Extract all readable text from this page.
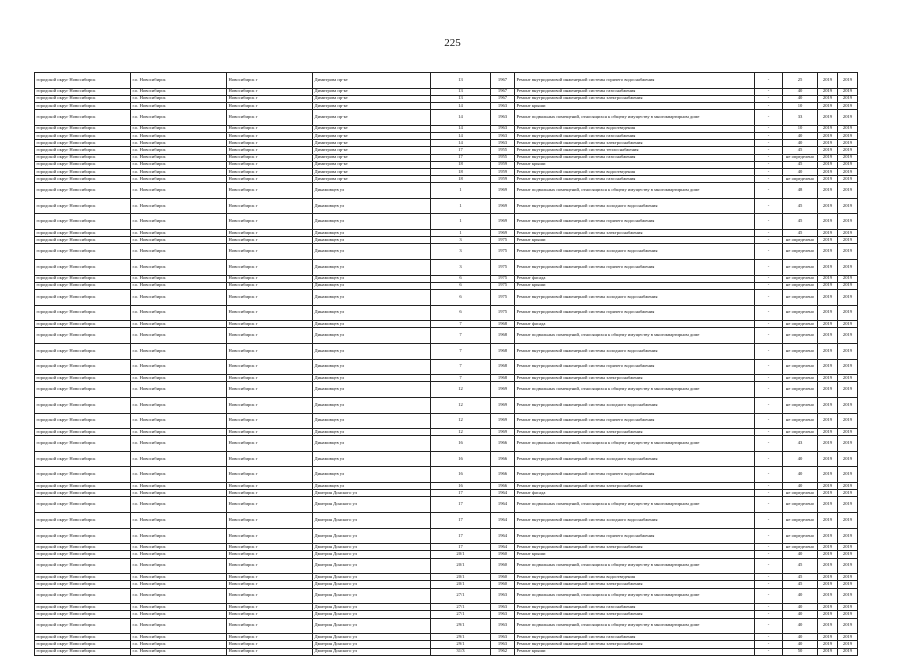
225
городской округ Новосибирск	г.о. Новосибирск	Новосибирск г	Димитрова пр-кт	13	1967	Ремонт внутридомовой инженерной системы горячего водоснабжения	-	25	2019	2019
городской округ Новосибирск	г.о. Новосибирск	Новосибирск г	Димитрова пр-кт	13	1967	Ремонт внутридомовой инженерной системы газоснабжения	-	40	2019	2019
городской округ Новосибирск	г.о. Новосибирск	Новосибирск г	Димитрова пр-кт	13	1967	Ремонт внутридомовой инженерной системы электроснабжения	-	40	2019	2019
городской округ Новосибирск	г.о. Новосибирск	Новосибирск г	Димитрова пр-кт	14	1963	Ремонт крыши	-	10	2019	2019
городской округ Новосибирск	г.о. Новосибирск	Новосибирск г	Димитрова пр-кт	14	1963	Ремонт подвальных помещений, относящихся к общему имуществу в многоквартирном доме	-	33	2019	2019
городской округ Новосибирск	г.о. Новосибирск	Новосибирск г	Димитрова пр-кт	14	1963	Ремонт внутридомовой инженерной системы водоотведения	-	10	2019	2019
городской округ Новосибирск	г.о. Новосибирск	Новосибирск г	Димитрова пр-кт	14	1963	Ремонт внутридомовой инженерной системы газоснабжения	-	40	2019	2019
городской округ Новосибирск	г.о. Новосибирск	Новосибирск г	Димитрова пр-кт	14	1963	Ремонт внутридомовой инженерной системы электроснабжения	-	40	2019	2019
городской округ Новосибирск	г.о. Новосибирск	Новосибирск г	Димитрова пр-кт	17	1955	Ремонт внутридомовой инженерной системы теплоснабжения	-	45	2019	2019
городской округ Новосибирск	г.о. Новосибирск	Новосибирск г	Димитрова пр-кт	17	1955	Ремонт внутридомовой инженерной системы газоснабжения	-	не определено	2019	2019
городской округ Новосибирск	г.о. Новосибирск	Новосибирск г	Димитрова пр-кт	18	1959	Ремонт крыши	-	45	2019	2019
городской округ Новосибирск	г.о. Новосибирск	Новосибирск г	Димитрова пр-кт	18	1959	Ремонт внутридомовой инженерной системы водоотведения	-	40	2019	2019
городской округ Новосибирск	г.о. Новосибирск	Новосибирск г	Димитрова пр-кт	18	1959	Ремонт внутридомовой инженерной системы газоснабжения	-	не определено	2019	2019
городской округ Новосибирск	г.о. Новосибирск	Новосибирск г	Динамовцев ул	1	1969	Ремонт подвальных помещений, относящихся к общему имуществу в многоквартирном доме	-	48	2019	2019
городской округ Новосибирск	г.о. Новосибирск	Новосибирск г	Динамовцев ул	1	1969	Ремонт внутридомовой инженерной системы холодного водоснабжения	-	45	2019	2019
городской округ Новосибирск	г.о. Новосибирск	Новосибирск г	Динамовцев ул	1	1969	Ремонт внутридомовой инженерной системы горячего водоснабжения	-	45	2019	2019
городской округ Новосибирск	г.о. Новосибирск	Новосибирск г	Динамовцев ул	1	1969	Ремонт внутридомовой инженерной системы электроснабжения	-	45	2019	2019
городской округ Новосибирск	г.о. Новосибирск	Новосибирск г	Динамовцев ул	3	1975	Ремонт крыши	-	не определено	2019	2019
городской округ Новосибирск	г.о. Новосибирск	Новосибирск г	Динамовцев ул	3	1975	Ремонт внутридомовой инженерной системы холодного водоснабжения	-	не определено	2019	2019
городской округ Новосибирск	г.о. Новосибирск	Новосибирск г	Динамовцев ул	3	1975	Ремонт внутридомовой инженерной системы горячего водоснабжения	-	не определено	2019	2019
городской округ Новосибирск	г.о. Новосибирск	Новосибирск г	Динамовцев ул	6	1975	Ремонт фасада	-	не определено	2019	2019
городской округ Новосибирск	г.о. Новосибирск	Новосибирск г	Динамовцев ул	6	1975	Ремонт крыши	-	не определено	2019	2019
городской округ Новосибирск	г.о. Новосибирск	Новосибирск г	Динамовцев ул	6	1975	Ремонт внутридомовой инженерной системы холодного водоснабжения	-	не определено	2019	2019
городской округ Новосибирск	г.о. Новосибирск	Новосибирск г	Динамовцев ул	6	1975	Ремонт внутридомовой инженерной системы горячего водоснабжения	-	не определено	2019	2019
городской округ Новосибирск	г.о. Новосибирск	Новосибирск г	Динамовцев ул	7	1968	Ремонт фасада	-	не определено	2019	2019
городской округ Новосибирск	г.о. Новосибирск	Новосибирск г	Динамовцев ул	7	1968	Ремонт подвальных помещений, относящихся к общему имуществу в многоквартирном доме	-	не определено	2019	2019
городской округ Новосибирск	г.о. Новосибирск	Новосибирск г	Динамовцев ул	7	1968	Ремонт внутридомовой инженерной системы холодного водоснабжения	-	не определено	2019	2019
городской округ Новосибирск	г.о. Новосибирск	Новосибирск г	Динамовцев ул	7	1968	Ремонт внутридомовой инженерной системы горячего водоснабжения	-	не определено	2019	2019
городской округ Новосибирск	г.о. Новосибирск	Новосибирск г	Динамовцев ул	7	1968	Ремонт внутридомовой инженерной системы электроснабжения	-	не определено	2019	2019
городской округ Новосибирск	г.о. Новосибирск	Новосибирск г	Динамовцев ул	12	1969	Ремонт подвальных помещений, относящихся к общему имуществу в многоквартирном доме	-	не определено	2019	2019
городской округ Новосибирск	г.о. Новосибирск	Новосибирск г	Динамовцев ул	12	1969	Ремонт внутридомовой инженерной системы холодного водоснабжения	-	не определено	2019	2019
городской округ Новосибирск	г.о. Новосибирск	Новосибирск г	Динамовцев ул	12	1969	Ремонт внутридомовой инженерной системы горячего водоснабжения	-	не определено	2019	2019
городской округ Новосибирск	г.о. Новосибирск	Новосибирск г	Динамовцев ул	12	1969	Ремонт внутридомовой инженерной системы электроснабжения	-	не определено	2019	2019
городской округ Новосибирск	г.о. Новосибирск	Новосибирск г	Динамовцев ул	16	1966	Ремонт подвальных помещений, относящихся к общему имуществу в многоквартирном доме	-	43	2019	2019
городской округ Новосибирск	г.о. Новосибирск	Новосибирск г	Динамовцев ул	16	1966	Ремонт внутридомовой инженерной системы холодного водоснабжения	-	40	2019	2019
городской округ Новосибирск	г.о. Новосибирск	Новосибирск г	Динамовцев ул	16	1966	Ремонт внутридомовой инженерной системы горячего водоснабжения	-	40	2019	2019
городской округ Новосибирск	г.о. Новосибирск	Новосибирск г	Динамовцев ул	16	1966	Ремонт внутридомовой инженерной системы электроснабжения	-	40	2019	2019
городской округ Новосибирск	г.о. Новосибирск	Новосибирск г	Дмитрия Донского ул	17	1964	Ремонт фасада	-	не определено	2019	2019
городской округ Новосибирск	г.о. Новосибирск	Новосибирск г	Дмитрия Донского ул	17	1964	Ремонт подвальных помещений, относящихся к общему имуществу в многоквартирном доме	-	не определено	2019	2019
городской округ Новосибирск	г.о. Новосибирск	Новосибирск г	Дмитрия Донского ул	17	1964	Ремонт внутридомовой инженерной системы холодного водоснабжения	-	не определено	2019	2019
городской округ Новосибирск	г.о. Новосибирск	Новосибирск г	Дмитрия Донского ул	17	1964	Ремонт внутридомовой инженерной системы горячего водоснабжения	-	не определено	2019	2019
городской округ Новосибирск	г.о. Новосибирск	Новосибирск г	Дмитрия Донского ул	17	1964	Ремонт внутридомовой инженерной системы электроснабжения	-	не определено	2019	2019
городской округ Новосибирск	г.о. Новосибирск	Новосибирск г	Дмитрия Донского ул	20/1	1960	Ремонт крыши	-	40	2019	2019
городской округ Новосибирск	г.о. Новосибирск	Новосибирск г	Дмитрия Донского ул	20/1	1960	Ремонт подвальных помещений, относящихся к общему имуществу в многоквартирном доме	-	45	2019	2019
городской округ Новосибирск	г.о. Новосибирск	Новосибирск г	Дмитрия Донского ул	20/1	1960	Ремонт внутридомовой инженерной системы водоотведения	-	45	2019	2019
городской округ Новосибирск	г.о. Новосибирск	Новосибирск г	Дмитрия Донского ул	20/1	1960	Ремонт внутридомовой инженерной системы электроснабжения	-	45	2019	2019
городской округ Новосибирск	г.о. Новосибирск	Новосибирск г	Дмитрия Донского ул	27/1	1963	Ремонт подвальных помещений, относящихся к общему имуществу в многоквартирном доме	-	40	2019	2019
городской округ Новосибирск	г.о. Новосибирск	Новосибирск г	Дмитрия Донского ул	27/1	1963	Ремонт внутридомовой инженерной системы газоснабжения	-	40	2019	2019
городской округ Новосибирск	г.о. Новосибирск	Новосибирск г	Дмитрия Донского ул	27/1	1963	Ремонт внутридомовой инженерной системы электроснабжения	-	40	2019	2019
городской округ Новосибирск	г.о. Новосибирск	Новосибирск г	Дмитрия Донского ул	29/1	1963	Ремонт подвальных помещений, относящихся к общему имуществу в многоквартирном доме	-	40	2019	2019
городской округ Новосибирск	г.о. Новосибирск	Новосибирск г	Дмитрия Донского ул	29/1	1963	Ремонт внутридомовой инженерной системы газоснабжения	-	40	2019	2019
городской округ Новосибирск	г.о. Новосибирск	Новосибирск г	Дмитрия Донского ул	29/1	1963	Ремонт внутридомовой инженерной системы электроснабжения	-	40	2019	2019
городской округ Новосибирск	г.о. Новосибирск	Новосибирск г	Дмитрия Донского ул	31/3	1962	Ремонт крыши	-	50	2019	2019
